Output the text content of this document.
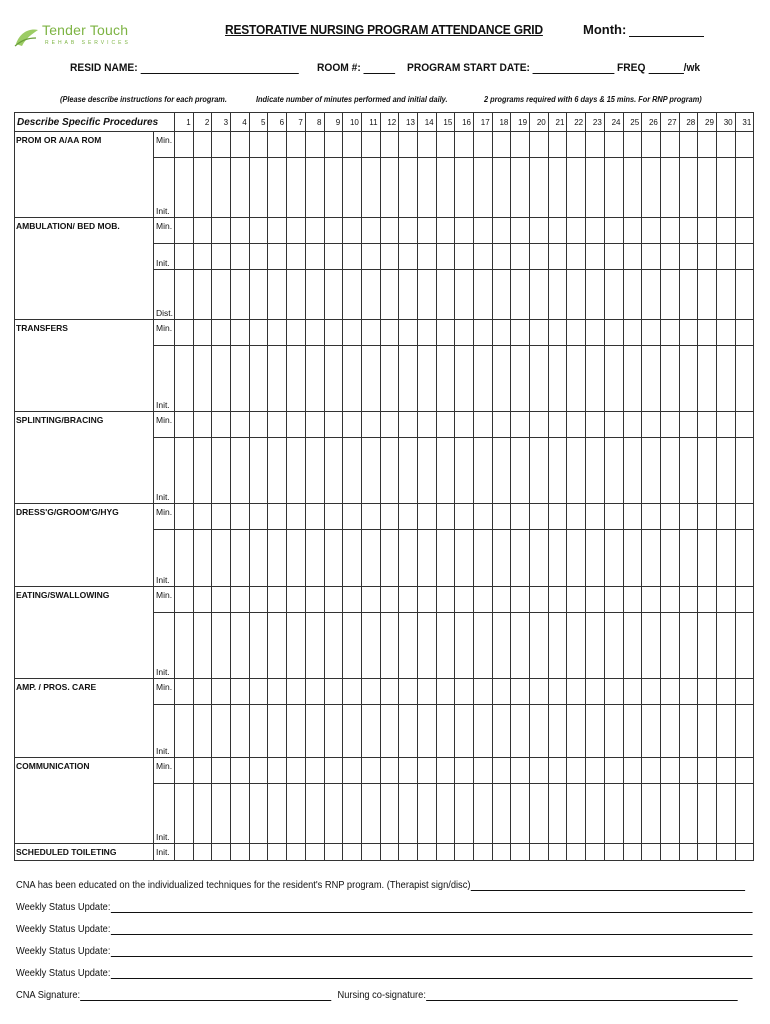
Tender Touch
REHAB SERVICES
RESTORATIVE NURSING PROGRAM ATTENDANCE GRID	Month:
RESID NAME:	ROOM #:	PROGRAM START DATE:	FREQ	/wk
(Please describe instructions for each program.	Indicate number of minutes performed and initial daily.	2 programs required with 6 days & 15 mins. For RNP program)
Describe Specific Procedures		1	2	3	4	5	6	7	8	9	10	11	12	13	14	15	16	17	18	19	20	21	22	23	24	25	26	27	28	29	30	31
PROM OR A/AA ROM	Min.																															
	Init.																															
AMBULATION/ BED MOB.	Min.																															
	Init.																															
	Dist.																															
TRANSFERS	Min.																															
	Init.																															
SPLINTING/BRACING	Min.																															
	Init.																															
DRESS'G/GROOM'G/HYG	Min.																															
	Init.																															
EATING/SWALLOWING	Min.																															
	Init.																															
AMP. / PROS. CARE	Min.																															
	Init.																															
COMMUNICATION	Min.																															
	Init.																															
SCHEDULED TOILETING	Init.																															
CNA has been educated on the individualized techniques for the resident's RNP program. (Therapist sign/disc)
Weekly Status Update:
Weekly Status Update:
Weekly Status Update:
Weekly Status Update:
CNA Signature:	Nursing co-signature:
